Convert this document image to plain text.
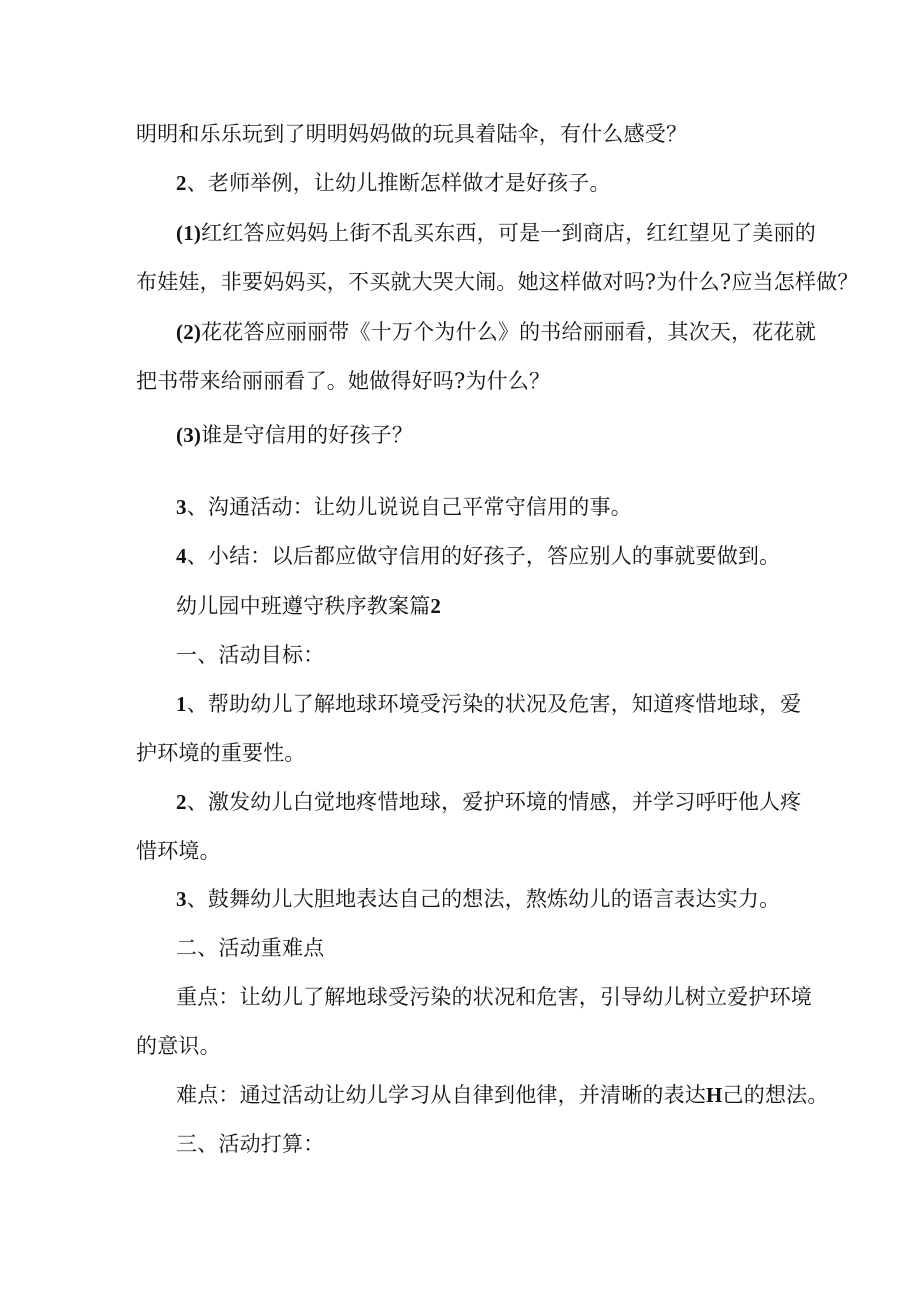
明明和乐乐玩到了明明妈妈做的玩具着陆伞，有什么感受？

2、老师举例，让幼儿推断怎样做才是好孩子。

(1)红红答应妈妈上街不乱买东西，可是一到商店，红红望见了美丽的

布娃娃，非要妈妈买，不买就大哭大闹。她这样做对吗?为什么?应当怎样做？

(2)花花答应丽丽带《十万个为什么》的书给丽丽看，其次天，花花就

把书带来给丽丽看了。她做得好吗?为什么？

(3)谁是守信用的好孩子？

3、沟通活动：让幼儿说说自己平常守信用的事。

4、小结：以后都应做守信用的好孩子，答应别人的事就要做到。

幼儿园中班遵守秩序教案篇2

一、活动目标：

1、帮助幼儿了解地球环境受污染的状况及危害，知道疼惜地球，爱

护环境的重要性。

2、激发幼儿白觉地疼惜地球，爱护环境的情感，并学习呼吁他人疼

惜环境。

3、鼓舞幼儿大胆地表达自己的想法，熬炼幼儿的语言表达实力。

二、活动重难点

重点：让幼儿了解地球受污染的状况和危害，引导幼儿树立爱护环境

的意识。

难点：通过活动让幼儿学习从自律到他律，并清晰的表达H己的想法。

三、活动打算：
